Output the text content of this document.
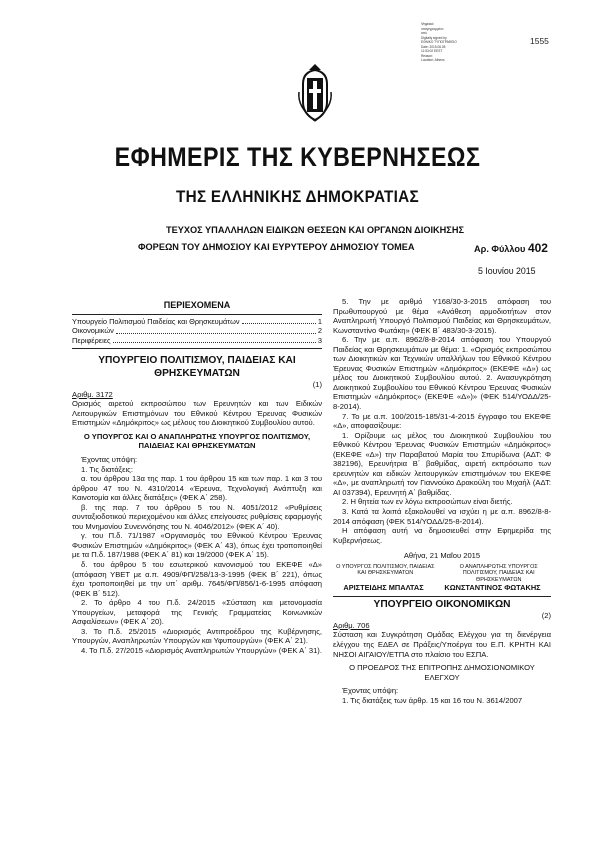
Ψηφιακά
υπογεγραμμένο
από
Digitally signed by
EΘΝΙΚΟ ΤΥΠΟΓΡΑΦΕΙΟ
Date: 2015.06.05
11:53:02 EEST
Reason:
Location: Athens
1555
ΕΦΗΜΕΡΙΣ ΤΗΣ ΚΥΒΕΡΝΗΣΕΩΣ
ΤΗΣ ΕΛΛΗΝΙΚΗΣ ΔΗΜΟΚΡΑΤΙΑΣ
ΤΕΥΧΟΣ ΥΠΑΛΛΗΛΩΝ ΕΙΔΙΚΩΝ ΘΕΣΕΩΝ ΚΑΙ ΟΡΓΑΝΩΝ ΔΙΟΙΚΗΣΗΣ
ΦΟΡΕΩΝ ΤΟΥ ΔΗΜΟΣΙΟΥ ΚΑΙ ΕΥΡΥΤΕΡΟΥ ΔΗΜΟΣΙΟΥ ΤΟΜΕΑ	Αρ. Φύλλου 402
5 Ιουνίου 2015
ΠΕΡΙΕΧΟΜΕΝΑ
Υπουργείο Πολιτισμού Παιδείας και Θρησκευμάτων	1
Οικονομικών	2
Περιφέρειες	3
ΥΠΟΥΡΓΕΙΟ ΠΟΛΙΤΙΣΜΟΥ, ΠΑΙΔΕΙΑΣ ΚΑΙ ΘΡΗΣΚΕΥΜΑΤΩΝ
(1)

Αριθμ. 3172

Ορισμός αιρετού εκπροσώπου των Ερευνητών και των Ειδικών Λειτουργικών Επιστημόνων του Εθνικού Κέντρου Έρευνας Φυσικών Επιστημών «Δημόκριτος» ως μέλους του Διοικητικού Συμβουλίου αυτού.

Ο ΥΠΟΥΡΓΟΣ ΚΑΙ Ο ΑΝΑΠΛΗΡΩΤΗΣ ΥΠΟΥΡΓΟΣ ΠΟΛΙΤΙΣΜΟΥ, ΠΑΙΔΕΙΑΣ ΚΑΙ ΘΡΗΣΚΕΥΜΑΤΩΝ

Έχοντας υπόψη:

1. Τις διατάξεις:

α. του άρθρου 13α της παρ. 1 του άρθρου 15 και των παρ. 1 και 3 του άρθρου 47 του Ν. 4310/2014 «Έρευνα, Τεχνολογική Ανάπτυξη και Καινοτομία και άλλες διατάξεις» (ΦΕΚ Α΄ 258).

β. της παρ. 7 του άρθρου 5 του Ν. 4051/2012 «Ρυθμίσεις συνταξιοδοτικού περιεχομένου και άλλες επείγουσες ρυθμίσεις εφαρμογής του Μνημονίου Συνεννόησης του Ν. 4046/2012» (ΦΕΚ Α΄ 40).

γ. του Π.δ. 71/1987 «Οργανισμός του Εθνικού Κέντρου Έρευνας Φυσικών Επιστημών «Δημόκριτος» (ΦΕΚ Α΄ 43), όπως έχει τροποποιηθεί με τα Π.δ. 187/1988 (ΦΕΚ Α΄ 81) και 19/2000 (ΦΕΚ Α΄ 15).

δ. του άρθρου 5 του εσωτερικού κανονισμού του ΕΚΕΦΕ «Δ» (απόφαση ΥΒΕΤ με α.π. 4909/ΦΠ/258/13-3-1995 (ΦΕΚ Β΄ 221), όπως έχει τροποποιηθεί με την υπ΄ αριθμ. 7645/ΦΠ/856/1-6-1995 απόφαση (ΦΕΚ Β΄ 512).

2. Το άρθρο 4 του Π.δ. 24/2015 «Σύσταση και μετονομασία Υπουργείων, μεταφορά της Γενικής Γραμματείας Κοινωνικών Ασφαλίσεων» (ΦΕΚ Α΄ 20).

3. Το Π.δ. 25/2015 «Διορισμός Αντιπροέδρου της Κυβέρνησης, Υπουργών, Αναπληρωτών Υπουργών και Υφυπουργών» (ΦΕΚ Α΄ 21).

4. Το Π.δ. 27/2015 «Διορισμός Αναπληρωτών Υπουργών» (ΦΕΚ Α΄ 31).

5. Την με αριθμό Υ168/30-3-2015 απόφαση του Πρωθυπουργού με θέμα «Ανάθεση αρμοδιοτήτων στον Αναπληρωτή Υπουργό Πολιτισμού Παιδείας και Θρησκευμάτων, Κωνσταντίνο Φωτάκη» (ΦΕΚ Β΄ 483/30-3-2015).

6. Την με α.π. 8962/8-8-2014 απόφαση του Υπουργού Παιδείας και Θρησκευμάτων με θέμα: 1. «Ορισμός εκπροσώπου των Διοικητικών και Τεχνικών υπαλλήλων του Εθνικού Κέντρου Έρευνας Φυσικών Επιστημών «Δημόκριτος» (ΕΚΕΦΕ «Δ») ως μέλος του Διοικητικού Συμβουλίου αυτού. 2. Ανασυγκρότηση Διοικητικού Συμβουλίου του Εθνικού Κέντρου Έρευνας Φυσικών Επιστημών «Δημόκριτος» (ΕΚΕΦΕ «Δ»)» (ΦΕΚ 514/ΥΟΔΔ/25-8-2014).

7. Το με α.π. 100/2015-185/31-4-2015 έγγραφο του ΕΚΕΦΕ «Δ», αποφασίζουμε:

1. Ορίζουμε ως μέλος του Διοικητικού Συμβουλίου του Εθνικού Κέντρου Έρευνας Φυσικών Επιστημών «Δημόκριτος» (ΕΚΕΦΕ «Δ») την Παραβατού Μαρία του Σπυρίδωνα (ΑΔΤ: Φ 382196), Ερευνήτρια Β΄ βαθμίδας, αιρετή εκπρόσωπο των ερευνητών και ειδικών λειτουργικών επιστημόνων του ΕΚΕΦΕ «Δ», με αναπληρωτή τον Γιαννούκο Δρακούλη του Μιχαήλ (ΑΔΤ: ΑΙ 037394), Ερευνητή Α΄ βαθμίδας.

2. Η θητεία των εν λόγω εκπροσώπων είναι διετής.

3. Κατά τα λοιπά εξακολουθεί να ισχύει η με α.π. 8962/8-8-2014 απόφαση (ΦΕΚ 514/ΥΟΔΔ/25-8-2014).

Η απόφαση αυτή να δημοσιευθεί στην Εφημερίδα της Κυβερνήσεως.

Αθήνα, 21 Μαΐου 2015

Ο ΥΠΟΥΡΓΟΣ ΠΟΛΙΤΙΣΜΟΥ, ΠΑΙΔΕΙΑΣ ΚΑΙ ΘΡΗΣΚΕΥΜΑΤΩΝ
Ο ΑΝΑΠΛΗΡΩΤΗΣ ΥΠΟΥΡΓΟΣ ΠΟΛΙΤΙΣΜΟΥ, ΠΑΙΔΕΙΑΣ ΚΑΙ ΘΡΗΣΚΕΥΜΑΤΩΝ
ΑΡΙΣΤΕΙΔΗΣ ΜΠΑΛΤΑΣ	ΚΩΝΣΤΑΝΤΙΝΟΣ ΦΩΤΑΚΗΣ
ΥΠΟΥΡΓΕΙΟ ΟΙΚΟΝΟΜΙΚΩΝ
(2)

Αριθμ. 706

Σύσταση και Συγκρότηση Ομάδας Ελέγχου για τη διενέργεια ελέγχου της ΕΔΕΛ σε Πράξεις/Υποέργα του Ε.Π. ΚΡΗΤΗ ΚΑΙ ΝΗΣΟΙ ΑΙΓΑΙΟΥ/ΕΤΠΑ στο πλαίσιο του ΕΣΠΑ.

Ο ΠΡΟΕΔΡΟΣ ΤΗΣ ΕΠΙΤΡΟΠΗΣ ΔΗΜΟΣΙΟΝΟΜΙΚΟΥ ΕΛΕΓΧΟΥ

Έχοντας υπόψη:

1. Τις διατάξεις των άρθρ. 15 και 16 του Ν. 3614/2007
